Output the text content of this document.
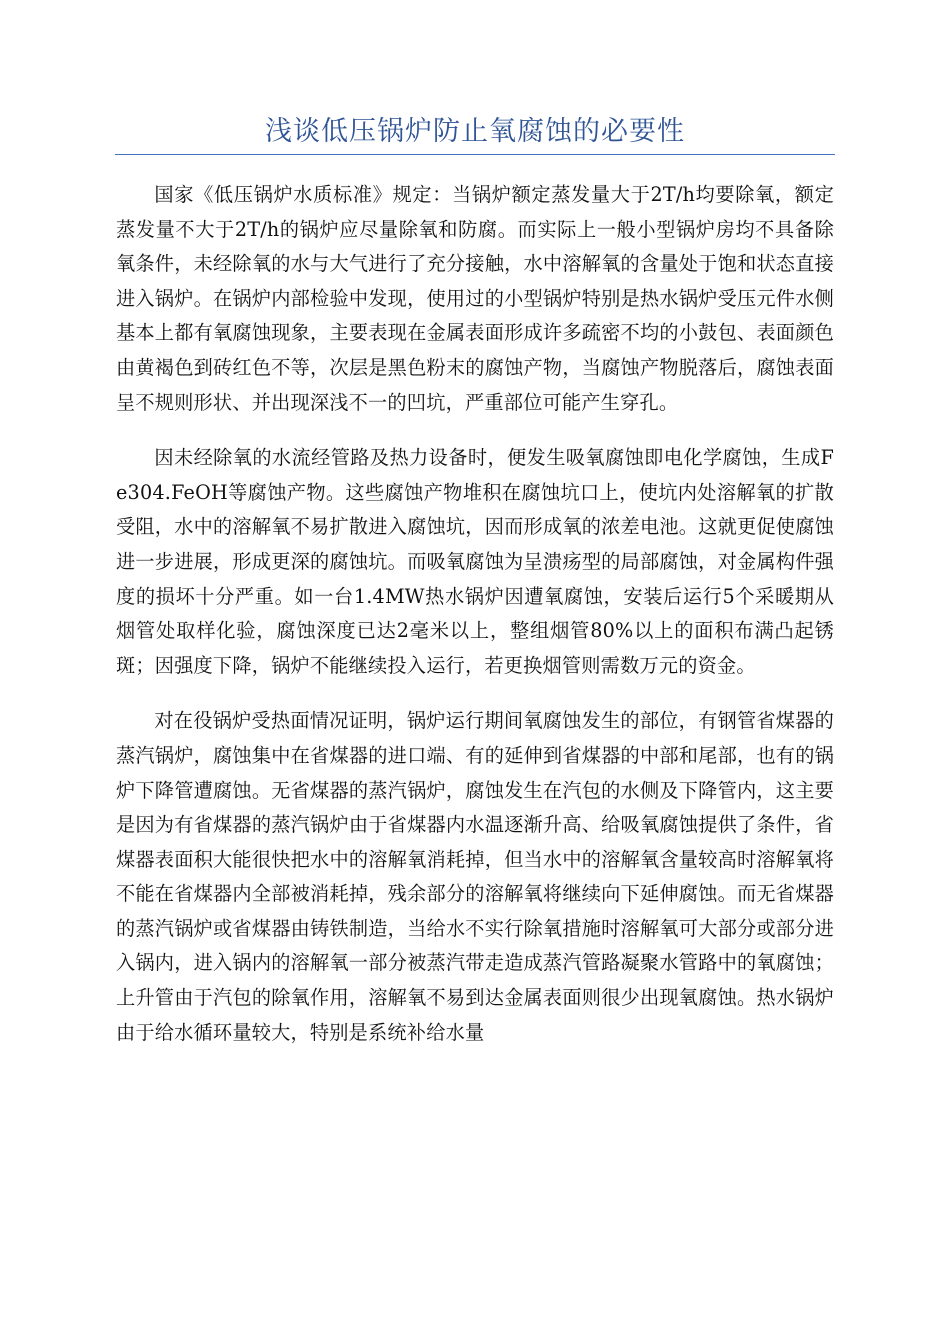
浅谈低压锅炉防止氧腐蚀的必要性

国家《低压锅炉水质标准》规定：当锅炉额定蒸发量大于2T/h均要除氧，额定蒸发量不大于2T/h的锅炉应尽量除氧和防腐。而实际上一般小型锅炉房均不具备除氧条件，未经除氧的水与大气进行了充分接触，水中溶解氧的含量处于饱和状态直接进入锅炉。在锅炉内部检验中发现，使用过的小型锅炉特别是热水锅炉受压元件水侧基本上都有氧腐蚀现象，主要表现在金属表面形成许多疏密不均的小鼓包、表面颜色由黄褐色到砖红色不等，次层是黑色粉末的腐蚀产物，当腐蚀产物脱落后，腐蚀表面呈不规则形状、并出现深浅不一的凹坑，严重部位可能产生穿孔。

因未经除氧的水流经管路及热力设备时，便发生吸氧腐蚀即电化学腐蚀，生成Fe304.FeOH等腐蚀产物。这些腐蚀产物堆积在腐蚀坑口上，使坑内处溶解氧的扩散受阻，水中的溶解氧不易扩散进入腐蚀坑，因而形成氧的浓差电池。这就更促使腐蚀进一步进展，形成更深的腐蚀坑。而吸氧腐蚀为呈溃疡型的局部腐蚀，对金属构件强度的损坏十分严重。如一台1.4MW热水锅炉因遭氧腐蚀，安装后运行5个采暖期从烟管处取样化验，腐蚀深度已达2毫米以上，整组烟管80%以上的面积布满凸起锈斑；因强度下降，锅炉不能继续投入运行，若更换烟管则需数万元的资金。

对在役锅炉受热面情况证明，锅炉运行期间氧腐蚀发生的部位，有钢管省煤器的蒸汽锅炉，腐蚀集中在省煤器的进口端、有的延伸到省煤器的中部和尾部，也有的锅炉下降管遭腐蚀。无省煤器的蒸汽锅炉，腐蚀发生在汽包的水侧及下降管内，这主要是因为有省煤器的蒸汽锅炉由于省煤器内水温逐渐升高、给吸氧腐蚀提供了条件，省煤器表面积大能很快把水中的溶解氧消耗掉，但当水中的溶解氧含量较高时溶解氧将不能在省煤器内全部被消耗掉，残余部分的溶解氧将继续向下延伸腐蚀。而无省煤器的蒸汽锅炉或省煤器由铸铁制造，当给水不实行除氧措施时溶解氧可大部分或部分进入锅内，进入锅内的溶解氧一部分被蒸汽带走造成蒸汽管路凝聚水管路中的氧腐蚀；上升管由于汽包的除氧作用，溶解氧不易到达金属表面则很少出现氧腐蚀。热水锅炉由于给水循环量较大，特别是系统补给水量
